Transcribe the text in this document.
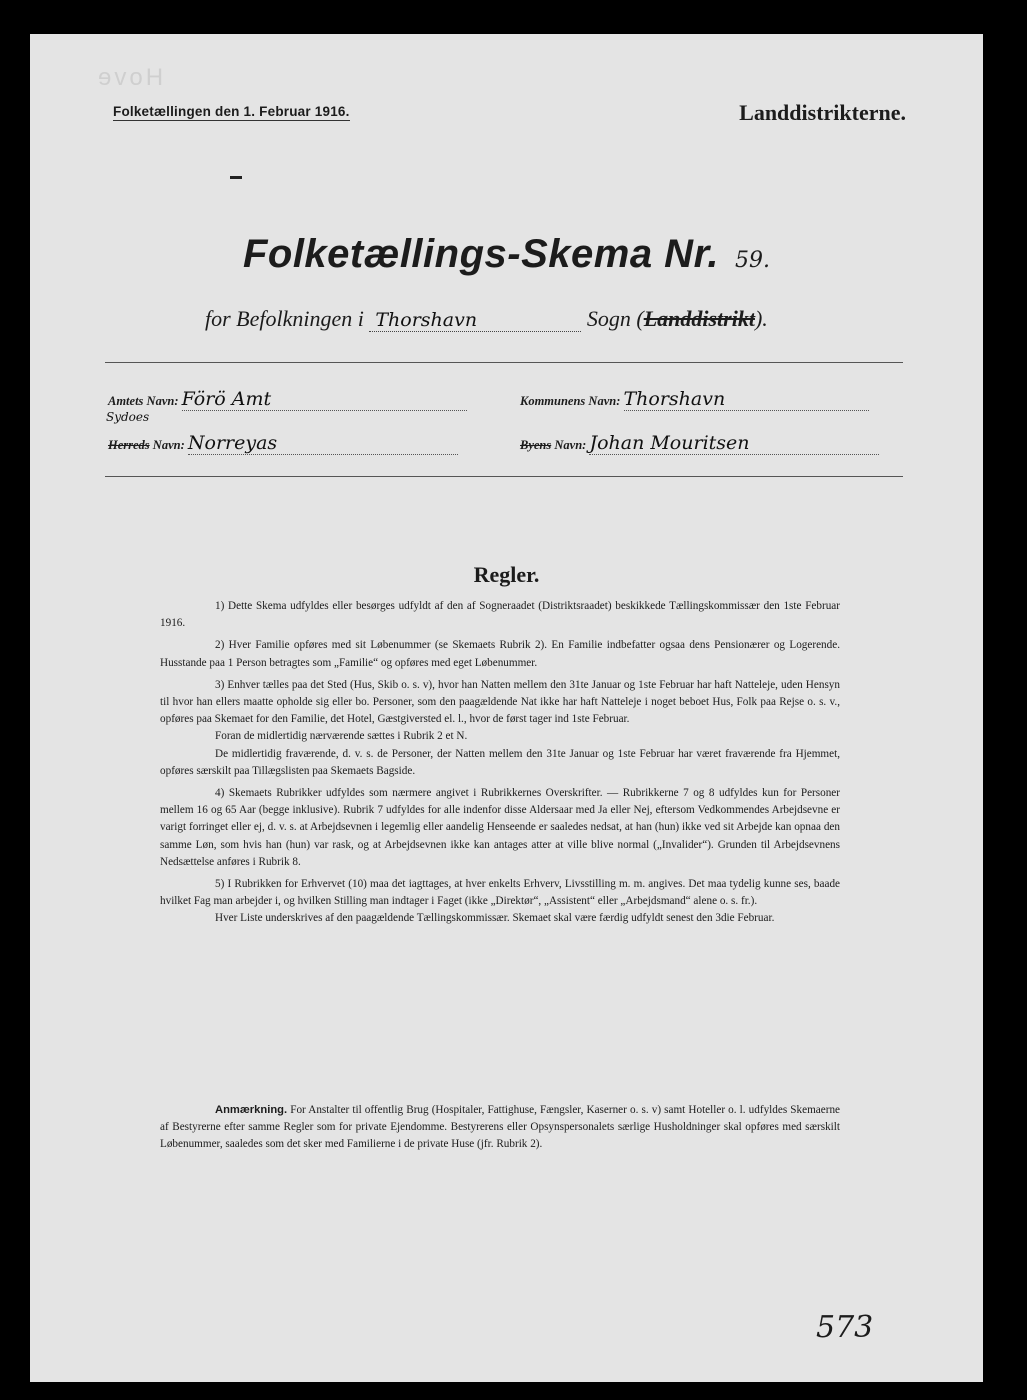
ɘvoH
Folketællingen den 1. Februar 1916.	Landdistrikterne.
Folketællings-Skema Nr. 59.
for Befolkningen i Thorshavn	Sogn (Landdistrikt).
Amtets Navn: Förö Amt	Kommunens Navn: Thorshavn
Sydoes
Herreds Navn: Norreyas	Byens Navn: Johan Mouritsen
Regler.

1) Dette Skema udfyldes eller besørges udfyldt af den af Sogneraadet (Distriktsraadet) beskikkede Tællingskommissær den 1ste Februar 1916.

2) Hver Familie opføres med sit Løbenummer (se Skemaets Rubrik 2). En Familie indbefatter ogsaa dens Pensionærer og Logerende. Husstande paa 1 Person betragtes som „Familie“ og opføres med eget Løbenummer.

3) Enhver tælles paa det Sted (Hus, Skib o. s. v), hvor han Natten mellem den 31te Januar og 1ste Februar har haft Natteleje, uden Hensyn til hvor han ellers maatte opholde sig eller bo. Personer, som den paagældende Nat ikke har haft Natteleje i noget beboet Hus, Folk paa Rejse o. s. v., opføres paa Skemaet for den Familie, det Hotel, Gæstgiversted el. l., hvor de først tager ind 1ste Februar.

Foran de midlertidig nærværende sættes i Rubrik 2 et N.

De midlertidig fraværende, d. v. s. de Personer, der Natten mellem den 31te Januar og 1ste Februar har været fraværende fra Hjemmet, opføres særskilt paa Tillægslisten paa Skemaets Bagside.

4) Skemaets Rubrikker udfyldes som nærmere angivet i Rubrikkernes Overskrifter. — Rubrikkerne 7 og 8 udfyldes kun for Personer mellem 16 og 65 Aar (begge inklusive). Rubrik 7 udfyldes for alle indenfor disse Aldersaar med Ja eller Nej, eftersom Vedkommendes Arbejdsevne er varigt forringet eller ej, d. v. s. at Arbejdsevnen i legemlig eller aandelig Henseende er saaledes nedsat, at han (hun) ikke ved sit Arbejde kan opnaa den samme Løn, som hvis han (hun) var rask, og at Arbejdsevnen ikke kan antages atter at ville blive normal („Invalider“). Grunden til Arbejdsevnens Nedsættelse anføres i Rubrik 8.

5) I Rubrikken for Erhvervet (10) maa det iagttages, at hver enkelts Erhverv, Livsstilling m. m. angives. Det maa tydelig kunne ses, baade hvilket Fag man arbejder i, og hvilken Stilling man indtager i Faget (ikke „Direktør“, „Assistent“ eller „Arbejdsmand“ alene o. s. fr.).

Hver Liste underskrives af den paagældende Tællingskommissær. Skemaet skal være færdig udfyldt senest den 3die Februar.

Anmærkning. For Anstalter til offentlig Brug (Hospitaler, Fattighuse, Fængsler, Kaserner o. s. v) samt Hoteller o. l. udfyldes Skemaerne af Bestyrerne efter samme Regler som for private Ejendomme. Bestyrerens eller Opsynspersonalets særlige Husholdninger skal opføres med særskilt Løbenummer, saaledes som det sker med Familierne i de private Huse (jfr. Rubrik 2).
573
